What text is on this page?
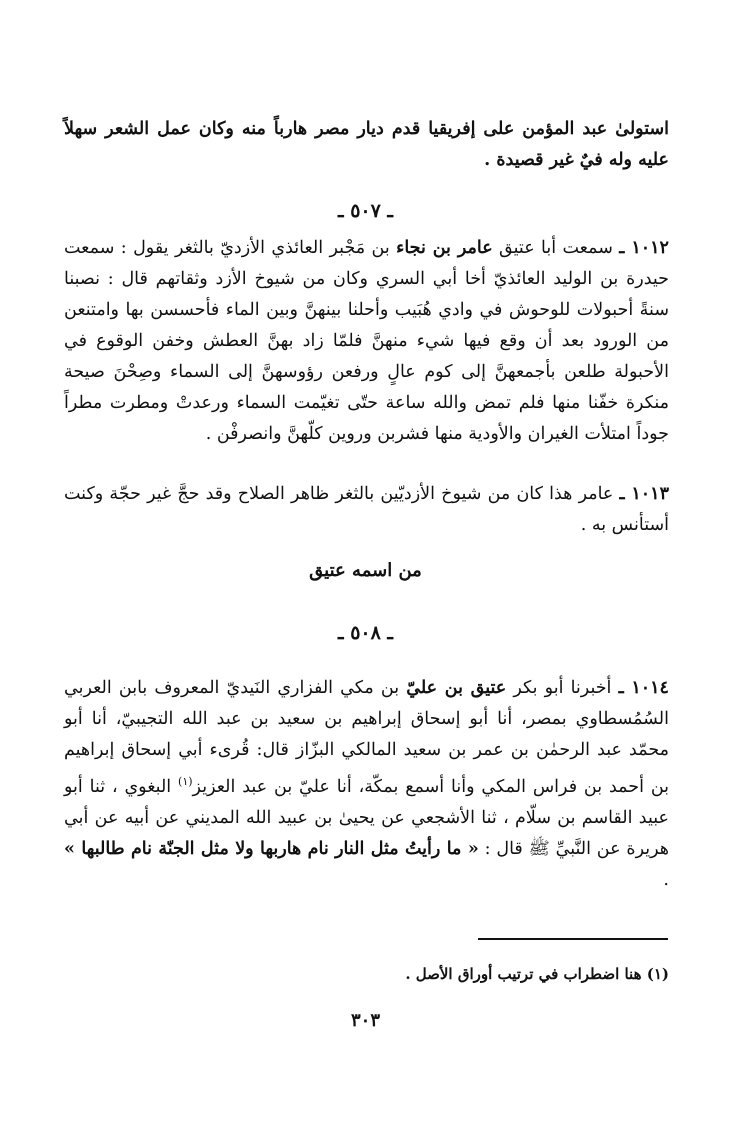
استولىٰ عبد المؤمن على إفريقيا قدم ديار مصر هارباً منه وكان عمل الشعر سهلاً عليه وله فيٌ غير قصيدة .

ـ ٥٠٧ ـ

١٠١٢ ـ سمعت أبا عتيق عامر بن نجاء بن مَجْبر العائذي الأزديّ بالثغر يقول : سمعت حيدرة بن الوليد العائذيّ أخا أبي السري وكان من شيوخ الأزد وثقاتهم قال : نصبنا سنةً أحبولات للوحوش في وادي هُبَيب وأحلنا بينهنَّ وبين الماء فأحسسن بها وامتنعن من الورود بعد أن وقع فيها شيء منهنَّ فلمّا زاد بهنَّ العطش وخفن الوقوع في الأحبولة طلعن بأجمعهنَّ إلى كوم عالٍ ورفعن رؤوسهنَّ إلى السماء وصِحْنَ صيحة منكرة خفّنا منها فلم تمض والله ساعة حتّى تغيّمت السماء ورعدتْ ومطرت مطراً جوداً امتلأت الغيران والأودية منها فشربن وروين كلّهنَّ وانصرفْن .

١٠١٣ ـ عامر هذا كان من شيوخ الأزديّين بالثغر ظاهر الصلاح وقد حجَّ غير حجّة وكنت أستأنس به .

من اسمه عتيق
ـ ٥٠٨ ـ

١٠١٤ ـ أخبرنا أبو بكر عتيق بن عليّ بن مكي الفزاري النَيديّ المعروف بابن العربي السُمُسطاوي بمصر، أنا أبو إسحاق إبراهيم بن سعيد بن عبد الله التجيبيّ، أنا أبو محمّد عبد الرحمٰن بن عمر بن سعيد المالكي البزّاز قال: قُرىء أبي إسحاق إبراهيم بن أحمد بن فراس المكي وأنا أسمع بمكّة، أنا عليّ بن عبد العزيز$^{(١)}$ البغوي ، ثنا أبو عبيد القاسم بن سلّام ، ثنا الأشجعي عن يحيىٰ بن عبيد الله المديني عن أبيه عن أبي هريرة عن النَّبيِّ ﷺ قال : « ما رأيتُ مثل النار نام هاربها ولا مثل الجنّة نام طالبها » .

(١) هنا اضطراب في ترتيب أوراق الأصل .
٣٠٣
